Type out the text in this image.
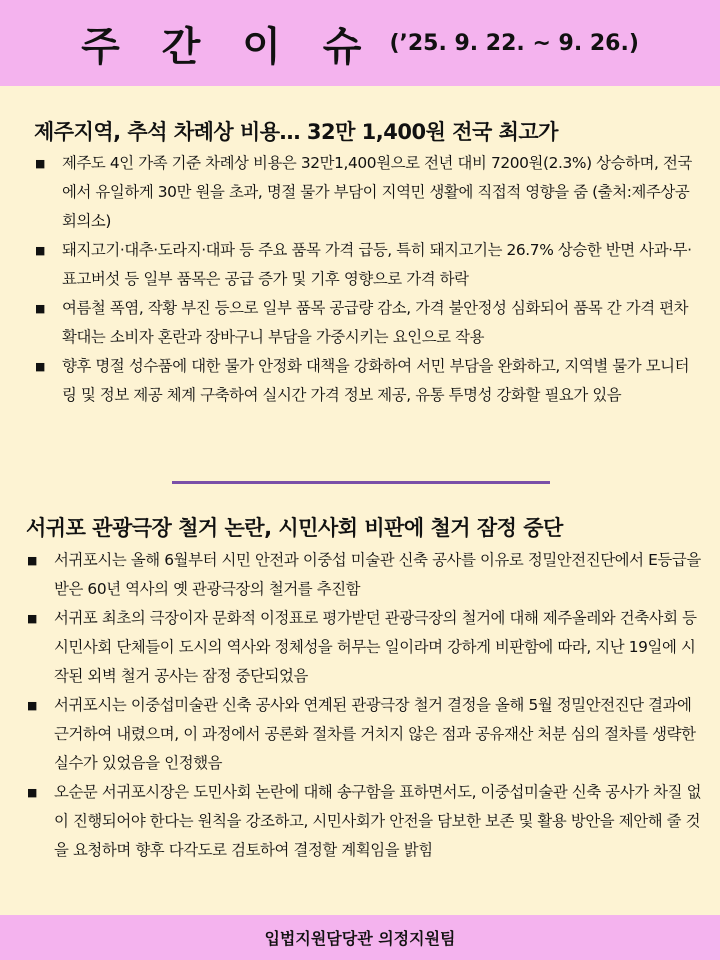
주 간 이 슈 (’25. 9. 22. ~ 9. 26.)
제주지역, 추석 차례상 비용… 32만 1,400원 전국 최고가
■ 제주도 4인 가족 기준 차례상 비용은 32만1,400원으로 전년 대비 7200원(2.3%) 상승하며, 전국에서 유일하게 30만 원을 초과, 명절 물가 부담이 지역민 생활에 직접적 영향을 줌 (출처:제주상공회의소)
■ 돼지고기·대추·도라지·대파 등 주요 품목 가격 급등, 특히 돼지고기는 26.7% 상승한 반면 사과·무·표고버섯 등 일부 품목은 공급 증가 및 기후 영향으로 가격 하락
■ 여름철 폭염, 작황 부진 등으로 일부 품목 공급량 감소, 가격 불안정성 심화되어 품목 간 가격 편차 확대는 소비자 혼란과 장바구니 부담을 가중시키는 요인으로 작용
■ 향후 명절 성수품에 대한 물가 안정화 대책을 강화하여 서민 부담을 완화하고, 지역별 물가 모니터링 및 정보 제공 체계 구축하여 실시간 가격 정보 제공, 유통 투명성 강화할 필요가 있음
서귀포 관광극장 철거 논란, 시민사회 비판에 철거 잠정 중단
■ 서귀포시는 올해 6월부터 시민 안전과 이중섭 미술관 신축 공사를 이유로 정밀안전진단에서 E등급을 받은 60년 역사의 옛 관광극장의 철거를 추진함
■ 서귀포 최초의 극장이자 문화적 이정표로 평가받던 관광극장의 철거에 대해 제주올레와 건축사회 등 시민사회 단체들이 도시의 역사와 정체성을 허무는 일이라며 강하게 비판함에 따라, 지난 19일에 시작된 외벽 철거 공사는 잠정 중단되었음
■ 서귀포시는 이중섭미술관 신축 공사와 연계된 관광극장 철거 결정을 올해 5월 정밀안전진단 결과에 근거하여 내렸으며, 이 과정에서 공론화 절차를 거치지 않은 점과 공유재산 처분 심의 절차를 생략한 실수가 있었음을 인정했음
■ 오순문 서귀포시장은 도민사회 논란에 대해 송구함을 표하면서도, 이중섭미술관 신축 공사가 차질 없이 진행되어야 한다는 원칙을 강조하고, 시민사회가 안전을 담보한 보존 및 활용 방안을 제안해 줄 것을 요청하며 향후 다각도로 검토하여 결정할 계획임을 밝힘
입법지원담당관 의정지원팀
